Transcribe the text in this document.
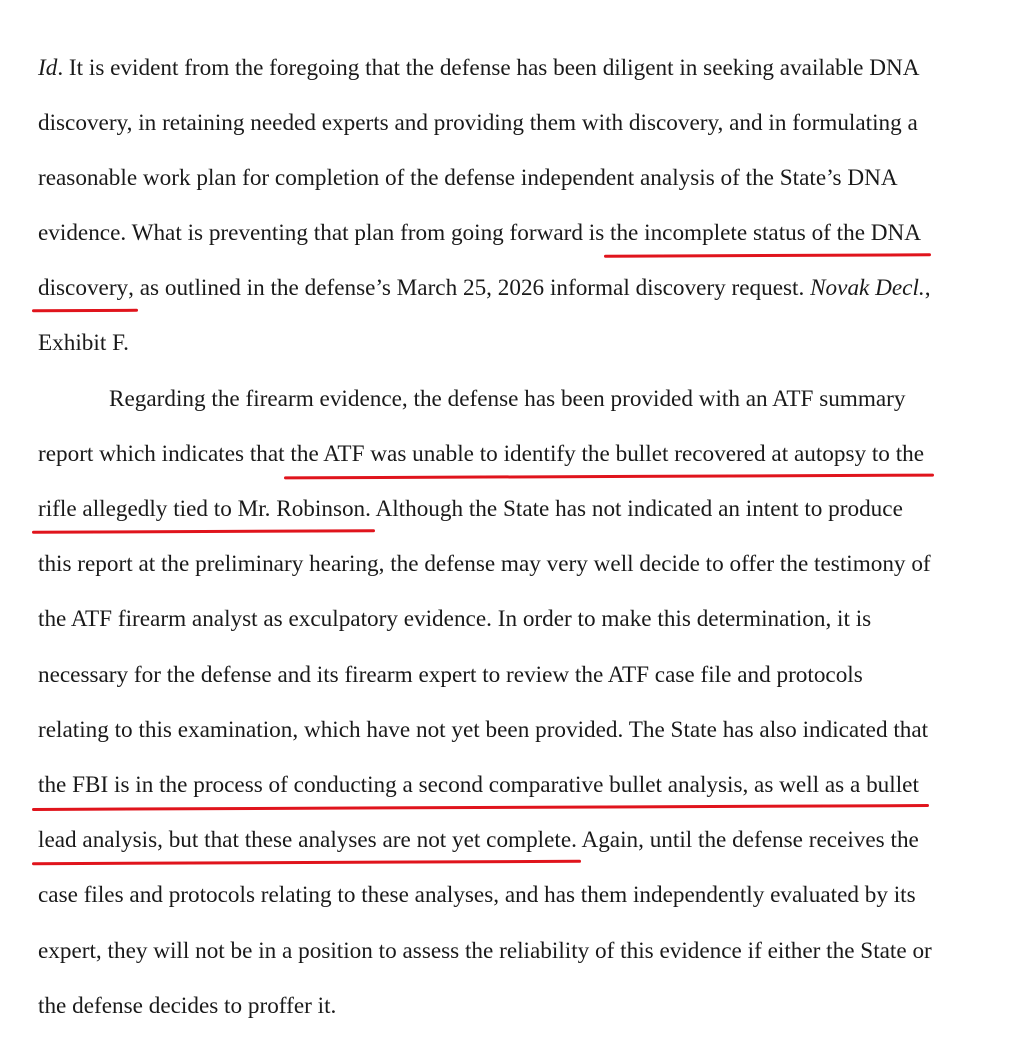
Id. It is evident from the foregoing that the defense has been diligent in seeking available DNA
discovery, in retaining needed experts and providing them with discovery, and in formulating a
reasonable work plan for completion of the defense independent analysis of the State’s DNA
evidence. What is preventing that plan from going forward is the incomplete status of the DNA
discovery, as outlined in the defense’s March 25, 2026 informal discovery request. Novak Decl.,
Exhibit F.
Regarding the firearm evidence, the defense has been provided with an ATF summary
report which indicates that the ATF was unable to identify the bullet recovered at autopsy to the
rifle allegedly tied to Mr. Robinson. Although the State has not indicated an intent to produce
this report at the preliminary hearing, the defense may very well decide to offer the testimony of
the ATF firearm analyst as exculpatory evidence. In order to make this determination, it is
necessary for the defense and its firearm expert to review the ATF case file and protocols
relating to this examination, which have not yet been provided. The State has also indicated that
the FBI is in the process of conducting a second comparative bullet analysis, as well as a bullet
lead analysis, but that these analyses are not yet complete. Again, until the defense receives the
case files and protocols relating to these analyses, and has them independently evaluated by its
expert, they will not be in a position to assess the reliability of this evidence if either the State or
the defense decides to proffer it.
